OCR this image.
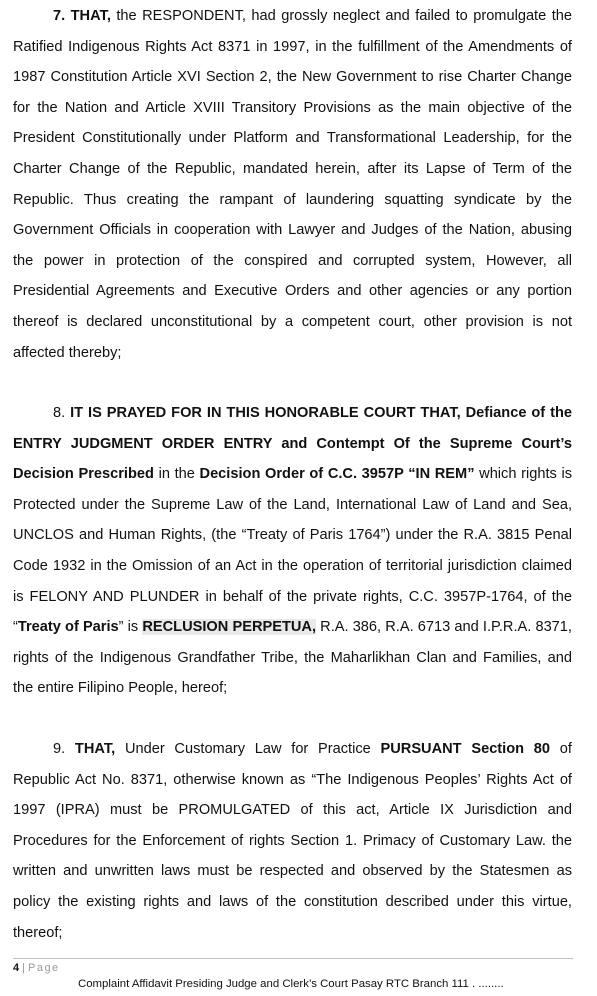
7. THAT, the RESPONDENT, had grossly neglect and failed to promulgate the Ratified Indigenous Rights Act 8371 in 1997, in the fulfillment of the Amendments of 1987 Constitution Article XVI Section 2, the New Government to rise Charter Change for the Nation and Article XVIII Transitory Provisions as the main objective of the President Constitutionally under Platform and Transformational Leadership, for the Charter Change of the Republic, mandated herein, after its Lapse of Term of the Republic. Thus creating the rampant of laundering squatting syndicate by the Government Officials in cooperation with Lawyer and Judges of the Nation, abusing the power in protection of the conspired and corrupted system, However, all Presidential Agreements and Executive Orders and other agencies or any portion thereof is declared unconstitutional by a competent court, other provision is not affected thereby;

8. IT IS PRAYED FOR IN THIS HONORABLE COURT THAT, Defiance of the ENTRY JUDGMENT ORDER ENTRY and Contempt Of the Supreme Court’s Decision Prescribed in the Decision Order of C.C. 3957P “IN REM” which rights is Protected under the Supreme Law of the Land, International Law of Land and Sea, UNCLOS and Human Rights, (the “Treaty of Paris 1764”) under the R.A. 3815 Penal Code 1932 in the Omission of an Act in the operation of territorial jurisdiction claimed is FELONY AND PLUNDER in behalf of the private rights, C.C. 3957P-1764, of the “Treaty of Paris” is RECLUSION PERPETUA, R.A. 386, R.A. 6713 and I.P.R.A. 8371, rights of the Indigenous Grandfather Tribe, the Maharlikhan Clan and Families, and the entire Filipino People, hereof;

9. THAT, Under Customary Law for Practice PURSUANT Section 80 of Republic Act No. 8371, otherwise known as “The Indigenous Peoples’ Rights Act of 1997 (IPRA) must be PROMULGATED of this act, Article IX Jurisdiction and Procedures for the Enforcement of rights Section 1. Primacy of Customary Law. the written and unwritten laws must be respected and observed by the Statesmen as policy the existing rights and laws of the constitution described under this virtue, thereof;

4 | Page
Complaint Affidavit Presiding Judge and Clerk’s Court Pasay RTC Branch 111 . ........
